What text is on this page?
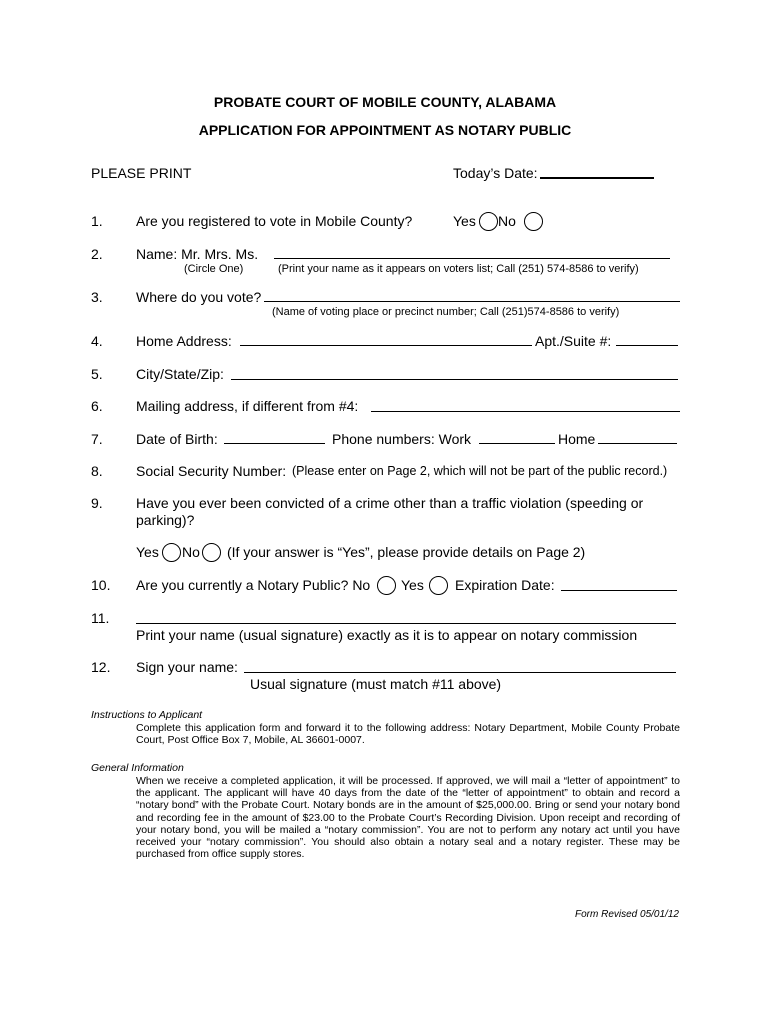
PROBATE COURT OF MOBILE COUNTY, ALABAMA
APPLICATION FOR APPOINTMENT AS NOTARY PUBLIC
PLEASE PRINT	Today’s Date:
1. Are you registered to vote in Mobile County?	Yes No
2. Name: Mr. Mrs. Ms.
(Circle One)	(Print your name as it appears on voters list; Call (251) 574-8586 to verify)
3. Where do you vote?
(Name of voting place or precinct number; Call (251)574-8586 to verify)
4. Home Address:	Apt./Suite #:
5. City/State/Zip:
6. Mailing address, if different from #4:
7. Date of Birth:	Phone numbers: Work	Home
8. Social Security Number: (Please enter on Page 2, which will not be part of the public record.)
9. Have you ever been convicted of a crime other than a traffic violation (speeding or
parking)?
Yes No (If your answer is “Yes”, please provide details on Page 2)
10. Are you currently a Notary Public? No Yes Expiration Date:
11.
Print your name (usual signature) exactly as it is to appear on notary commission
12. Sign your name:
Usual signature (must match #11 above)
Instructions to Applicant
Complete this application form and forward it to the following address: Notary Department, Mobile County Probate Court, Post Office Box 7, Mobile, AL 36601-0007.
General Information
When we receive a completed application, it will be processed. If approved, we will mail a “letter of appointment” to the applicant. The applicant will have 40 days from the date of the “letter of appointment” to obtain and record a “notary bond” with the Probate Court. Notary bonds are in the amount of $25,000.00. Bring or send your notary bond and recording fee in the amount of $23.00 to the Probate Court’s Recording Division. Upon receipt and recording of your notary bond, you will be mailed a “notary commission”. You are not to perform any notary act until you have received your “notary commission”. You should also obtain a notary seal and a notary register. These may be purchased from office supply stores.
Form Revised 05/01/12
